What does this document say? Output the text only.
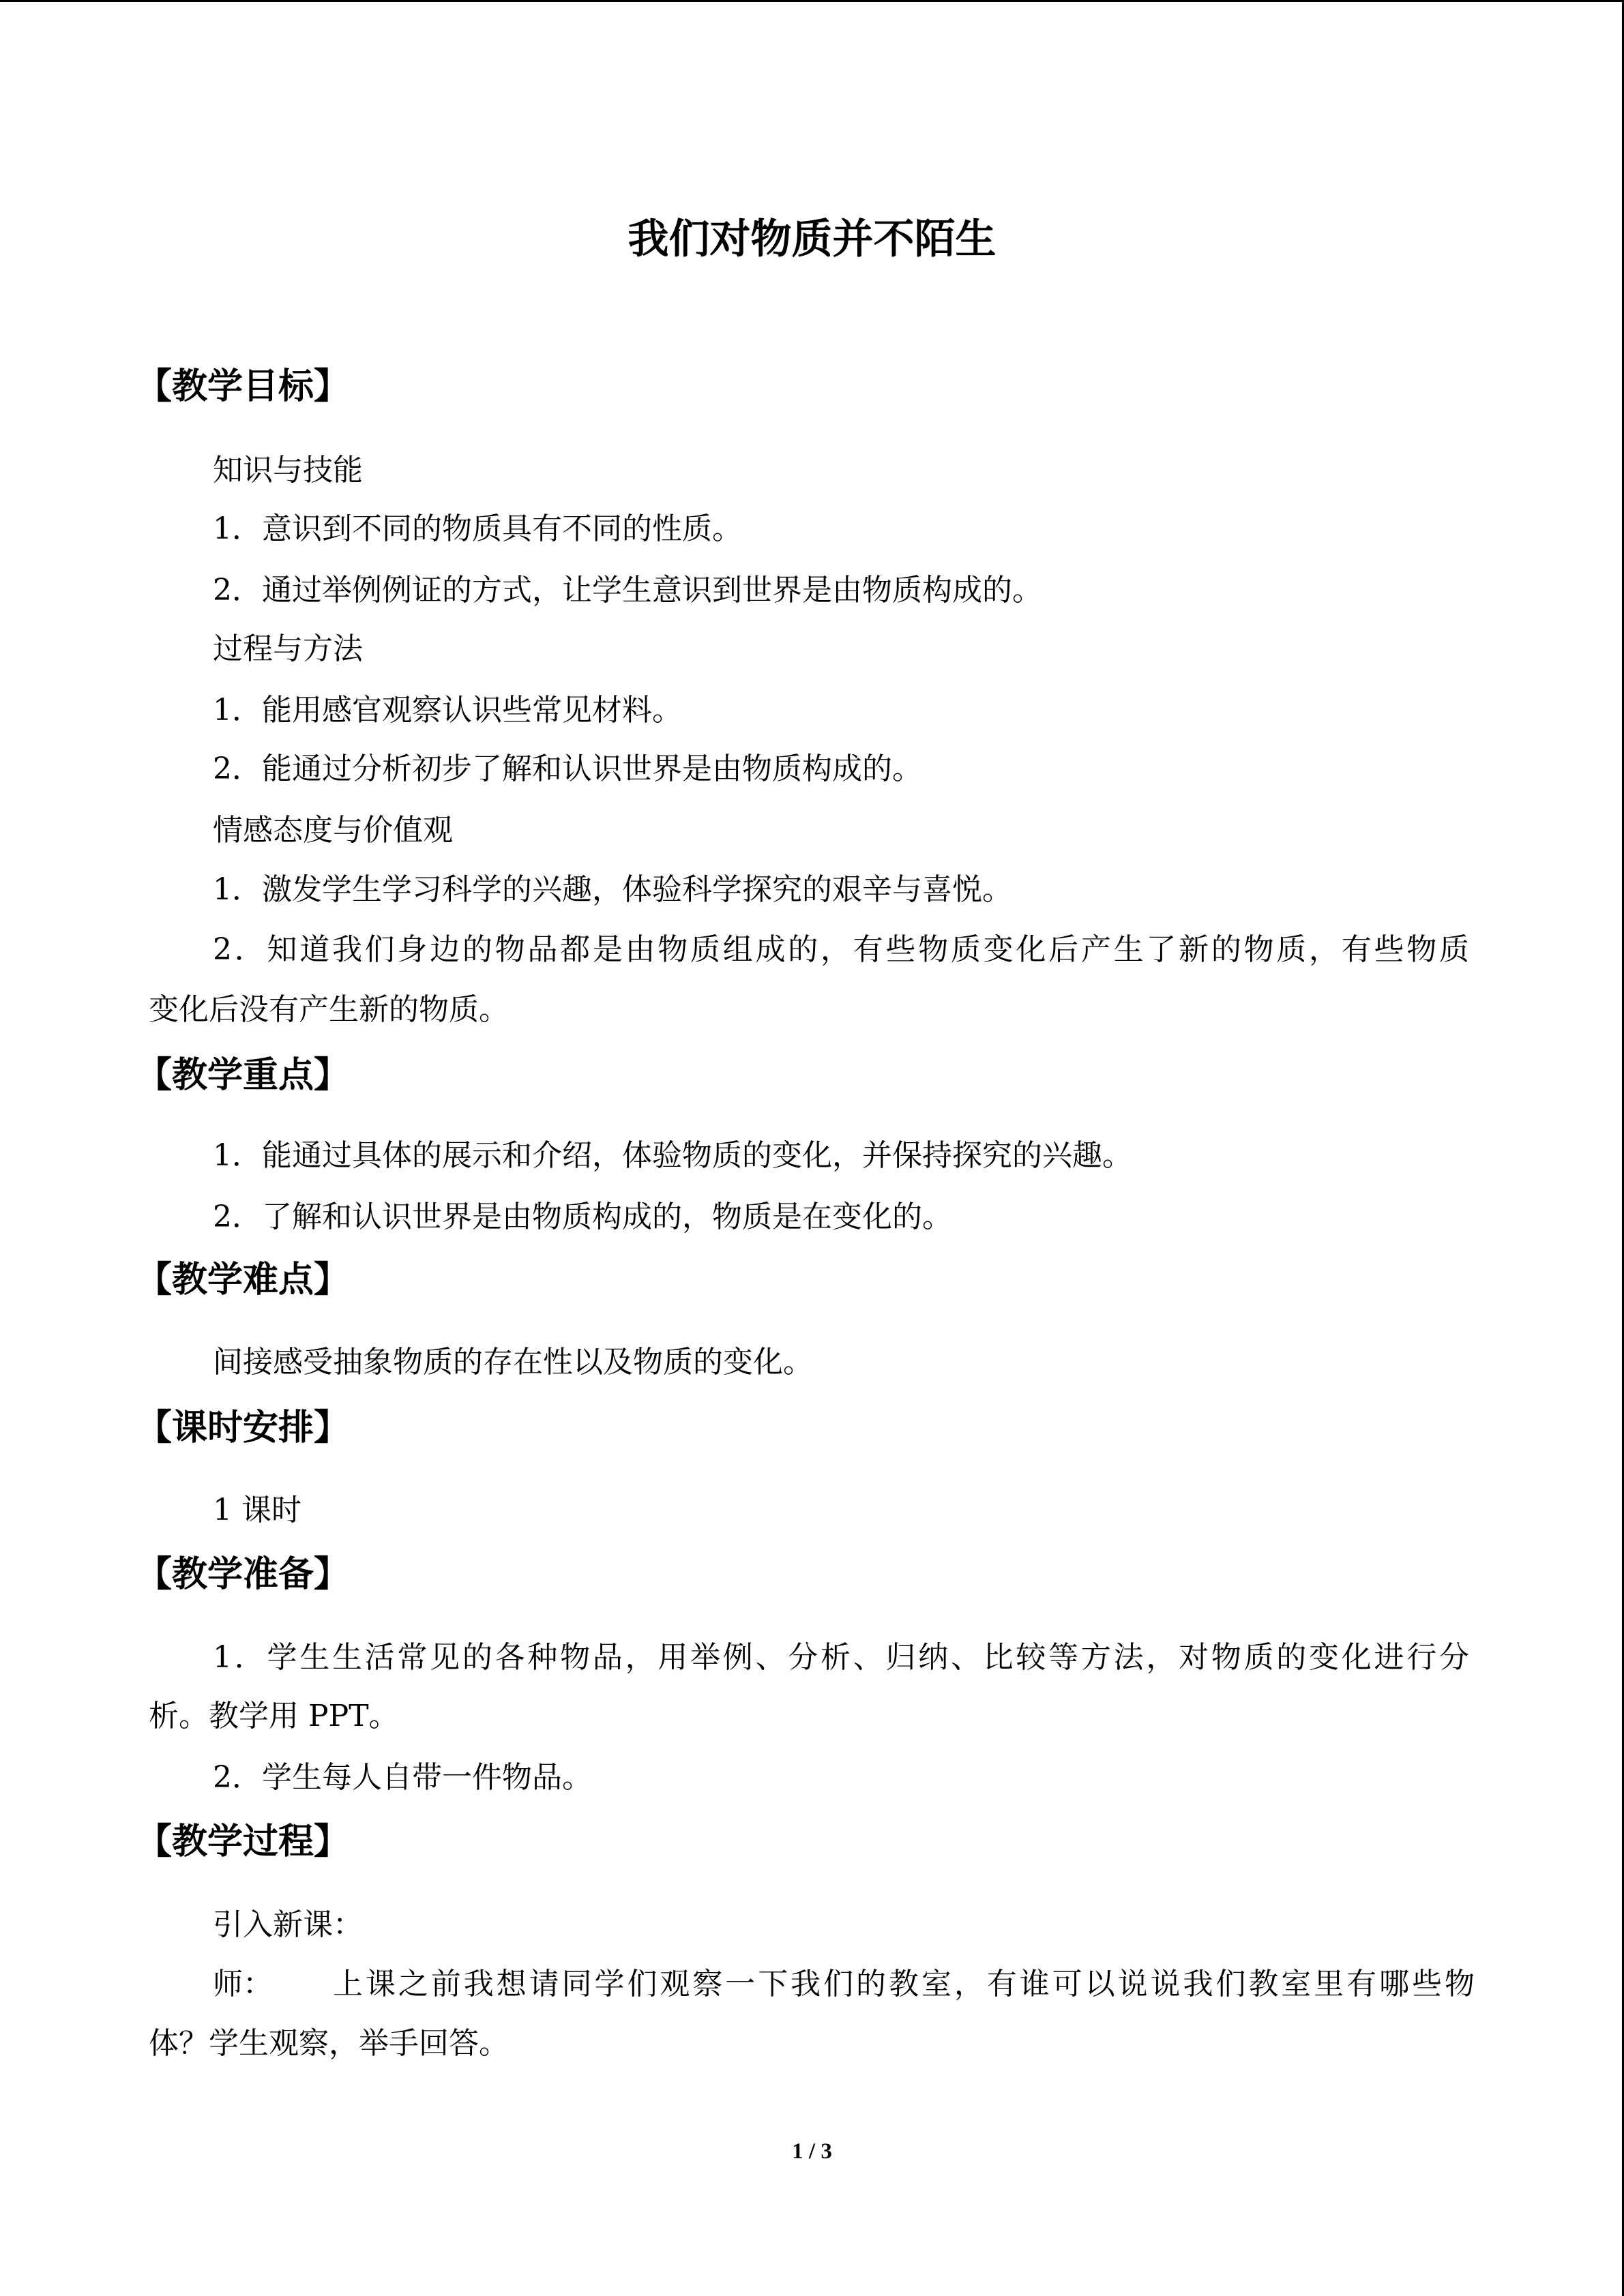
我们对物质并不陌生
【教学目标】
知识与技能
1．意识到不同的物质具有不同的性质。
2．通过举例例证的方式，让学生意识到世界是由物质构成的。
过程与方法
1．能用感官观察认识些常见材料。
2．能通过分析初步了解和认识世界是由物质构成的。
情感态度与价值观
1．激发学生学习科学的兴趣，体验科学探究的艰辛与喜悦。
2．知道我们身边的物品都是由物质组成的，有些物质变化后产生了新的物质，有些物质
变化后没有产生新的物质。
【教学重点】
1．能通过具体的展示和介绍，体验物质的变化，并保持探究的兴趣。
2．了解和认识世界是由物质构成的，物质是在变化的。
【教学难点】
间接感受抽象物质的存在性以及物质的变化。
【课时安排】
1 课时
【教学准备】
1．学生生活常见的各种物品，用举例、分析、归纳、比较等方法，对物质的变化进行分
析。教学用 PPT。
2．学生每人自带一件物品。
【教学过程】
引入新课：
师： 上课之前我想请同学们观察一下我们的教室，有谁可以说说我们教室里有哪些物
体？学生观察，举手回答。
1 / 3
